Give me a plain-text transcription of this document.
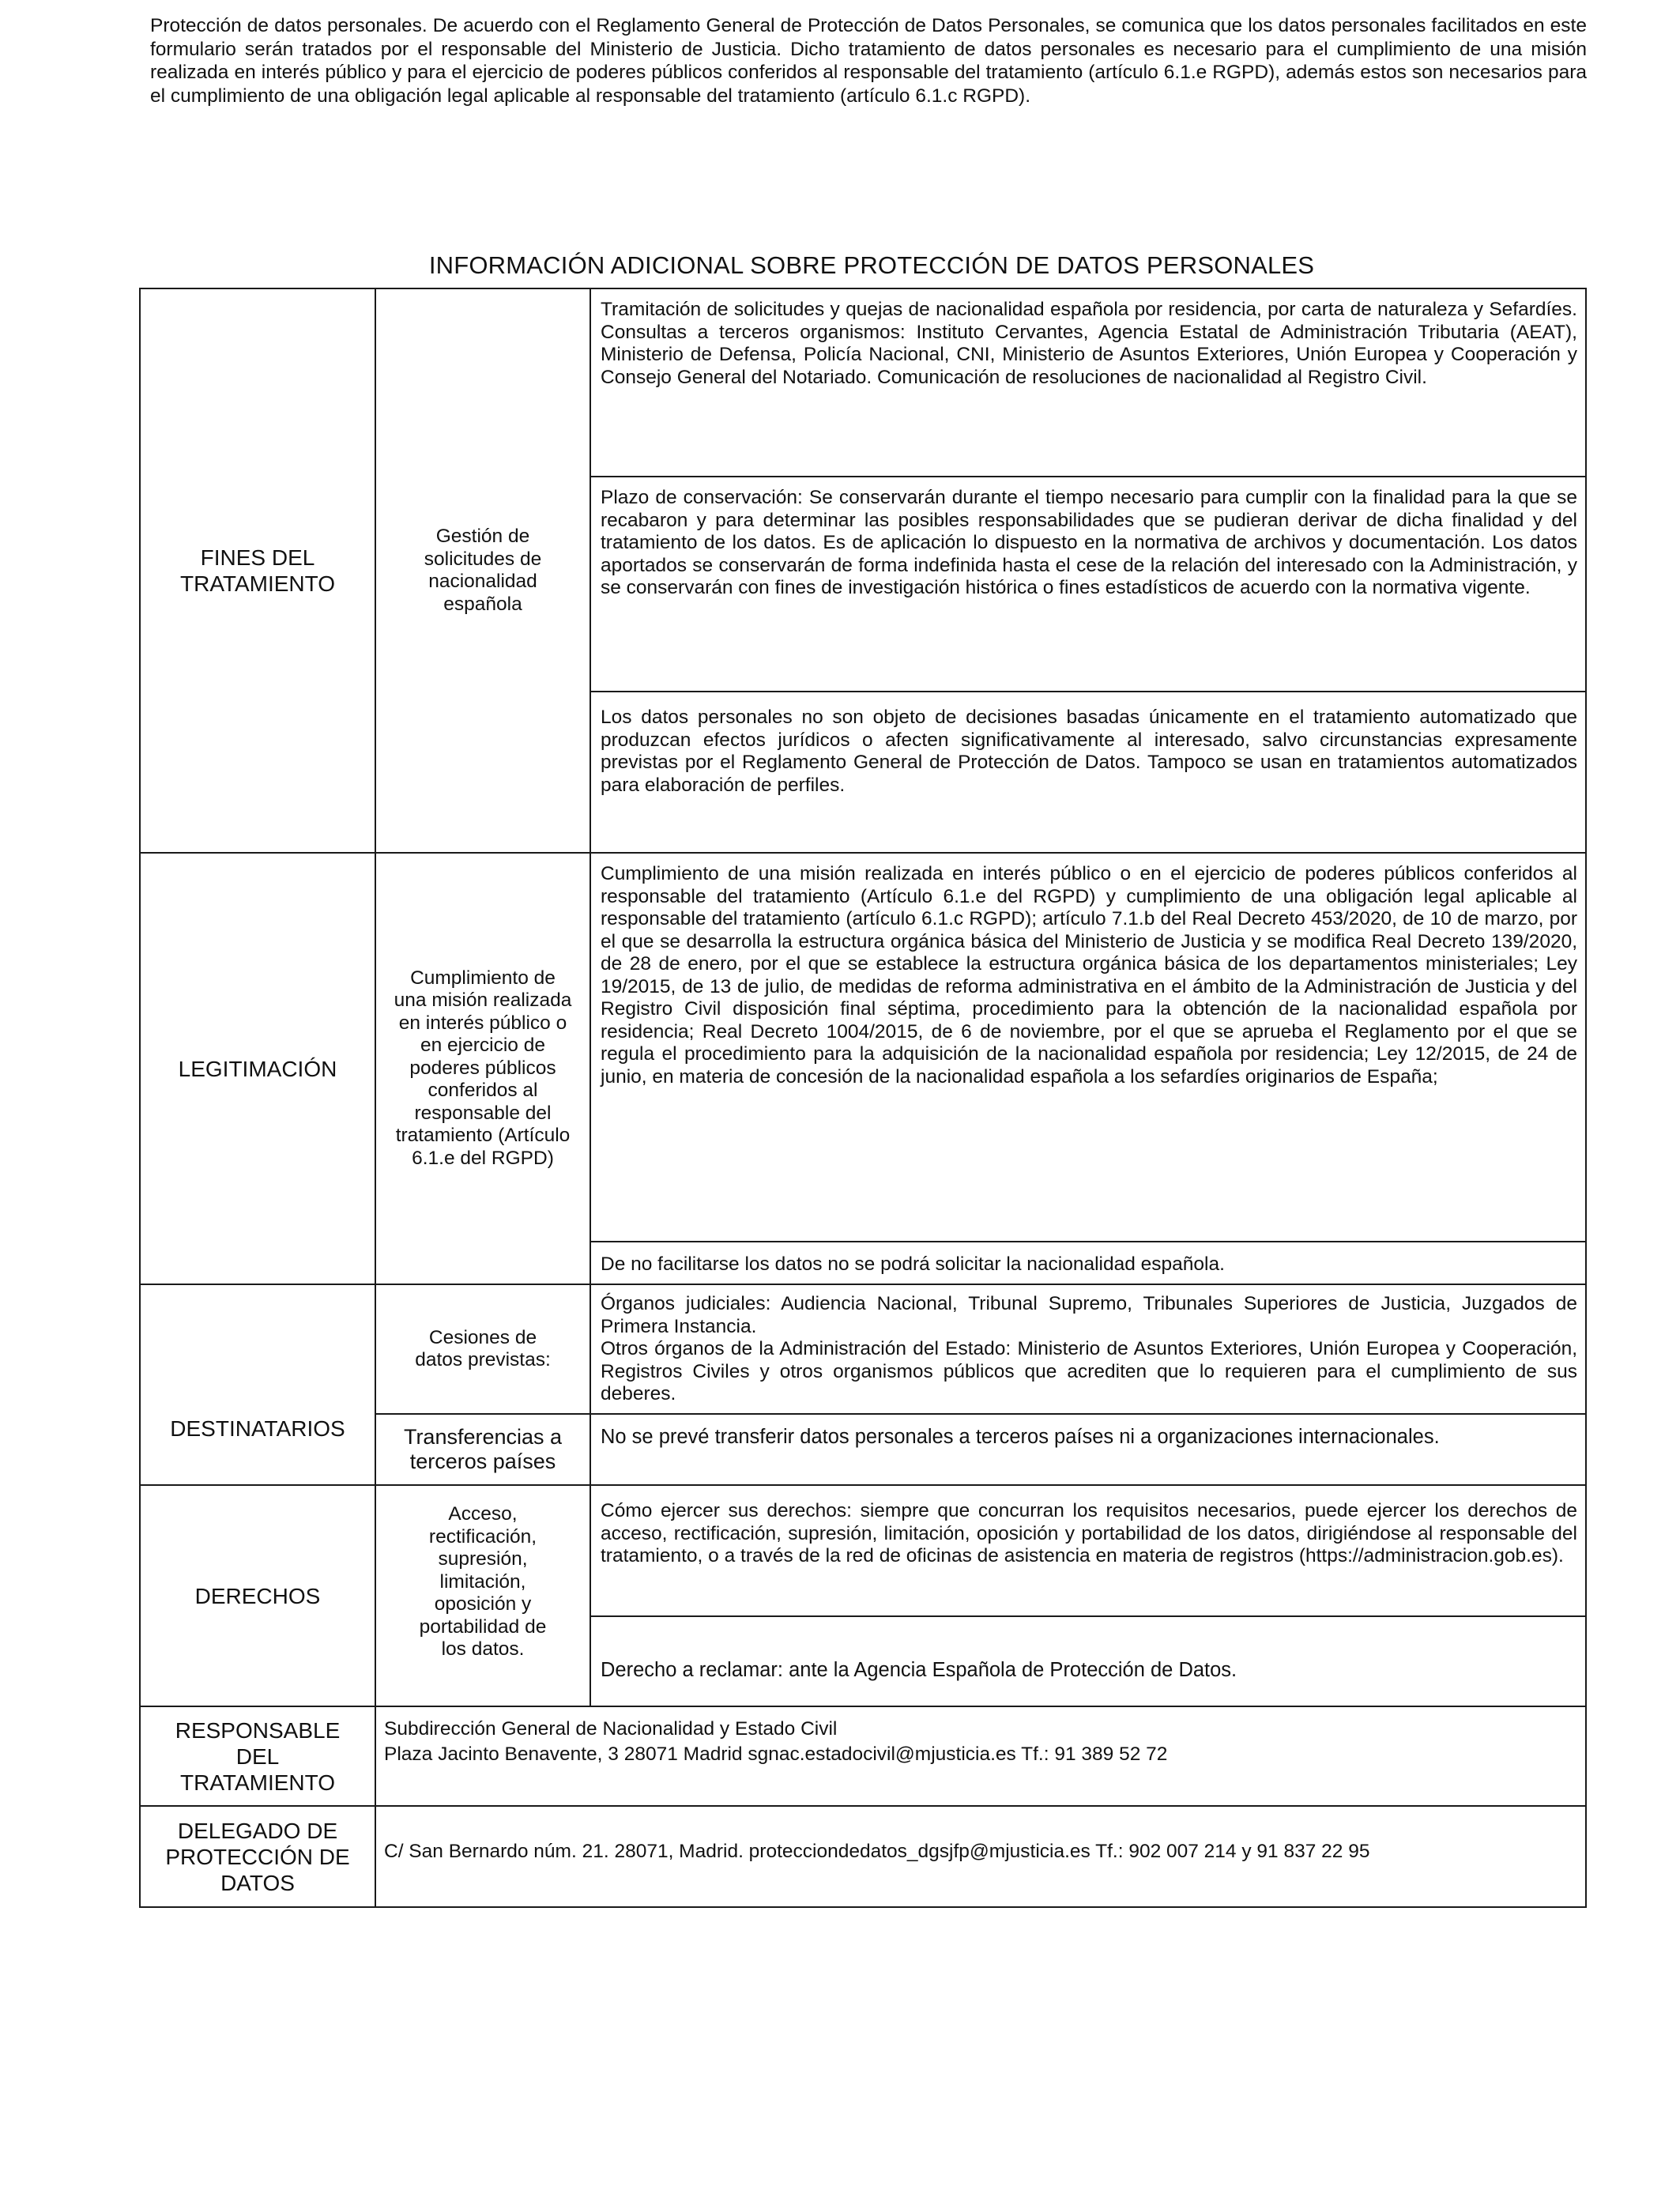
Protección de datos personales. De acuerdo con el Reglamento General de Protección de Datos Personales, se comunica que los datos personales facilitados en este formulario serán tratados por el responsable del Ministerio de Justicia. Dicho tratamiento de datos personales es necesario para el cumplimiento de una misión realizada en interés público y para el ejercicio de poderes públicos conferidos al responsable del tratamiento (artículo 6.1.e RGPD), además estos son necesarios para el cumplimiento de una obligación legal aplicable al responsable del tratamiento (artículo 6.1.c RGPD).

INFORMACIÓN ADICIONAL SOBRE PROTECCIÓN DE DATOS PERSONALES
FINES DEL TRATAMIENTO
Gestión de solicitudes de nacionalidad española
Tramitación de solicitudes y quejas de nacionalidad española por residencia, por carta de naturaleza y Sefardíes. Consultas a terceros organismos: Instituto Cervantes, Agencia Estatal de Administración Tributaria (AEAT), Ministerio de Defensa, Policía Nacional, CNI, Ministerio de Asuntos Exteriores, Unión Europea y Cooperación y Consejo General del Notariado. Comunicación de resoluciones de nacionalidad al Registro Civil.
Plazo de conservación: Se conservarán durante el tiempo necesario para cumplir con la finalidad para la que se recabaron y para determinar las posibles responsabilidades que se pudieran derivar de dicha finalidad y del tratamiento de los datos. Es de aplicación lo dispuesto en la normativa de archivos y documentación. Los datos aportados se conservarán de forma indefinida hasta el cese de la relación del interesado con la Administración, y se conservarán con fines de investigación histórica o fines estadísticos de acuerdo con la normativa vigente.
Los datos personales no son objeto de decisiones basadas únicamente en el tratamiento automatizado que produzcan efectos jurídicos o afecten significativamente al interesado, salvo circunstancias expresamente previstas por el Reglamento General de Protección de Datos. Tampoco se usan en tratamientos automatizados para elaboración de perfiles.
LEGITIMACIÓN
Cumplimiento de una misión realizada en interés público o en ejercicio de poderes públicos conferidos al responsable del tratamiento (Artículo 6.1.e del RGPD)
Cumplimiento de una misión realizada en interés público o en el ejercicio de poderes públicos conferidos al responsable del tratamiento (Artículo 6.1.e del RGPD) y cumplimiento de una obligación legal aplicable al responsable del tratamiento (artículo 6.1.c RGPD); artículo 7.1.b del Real Decreto 453/2020, de 10 de marzo, por el que se desarrolla la estructura orgánica básica del Ministerio de Justicia y se modifica Real Decreto 139/2020, de 28 de enero, por el que se establece la estructura orgánica básica de los departamentos ministeriales; Ley 19/2015, de 13 de julio, de medidas de reforma administrativa en el ámbito de la Administración de Justicia y del Registro Civil disposición final séptima, procedimiento para la obtención de la nacionalidad española por residencia; Real Decreto 1004/2015, de 6 de noviembre, por el que se aprueba el Reglamento por el que se regula el procedimiento para la adquisición de la nacionalidad española por residencia; Ley 12/2015, de 24 de junio, en materia de concesión de la nacionalidad española a los sefardíes originarios de España;
De no facilitarse los datos no se podrá solicitar la nacionalidad española.
DESTINATARIOS
Cesiones de datos previstas:
Órganos judiciales: Audiencia Nacional, Tribunal Supremo, Tribunales Superiores de Justicia, Juzgados de Primera Instancia.
Otros órganos de la Administración del Estado: Ministerio de Asuntos Exteriores, Unión Europea y Cooperación, Registros Civiles y otros organismos públicos que acrediten que lo requieren para el cumplimiento de sus deberes.
Transferencias a terceros países
No se prevé transferir datos personales a terceros países ni a organizaciones internacionales.
DERECHOS
Acceso, rectificación, supresión, limitación, oposición y portabilidad de los datos.
Cómo ejercer sus derechos: siempre que concurran los requisitos necesarios, puede ejercer los derechos de acceso, rectificación, supresión, limitación, oposición y portabilidad de los datos, dirigiéndose al responsable del tratamiento, o a través de la red de oficinas de asistencia en materia de registros (https://administracion.gob.es).
Derecho a reclamar: ante la Agencia Española de Protección de Datos.
RESPONSABLE DEL TRATAMIENTO
Subdirección General de Nacionalidad y Estado Civil
Plaza Jacinto Benavente, 3 28071 Madrid sgnac.estadocivil@mjusticia.es Tf.: 91 389 52 72
DELEGADO DE PROTECCIÓN DE DATOS
C/ San Bernardo núm. 21. 28071, Madrid. protecciondedatos_dgsjfp@mjusticia.es Tf.: 902 007 214 y 91 837 22 95
